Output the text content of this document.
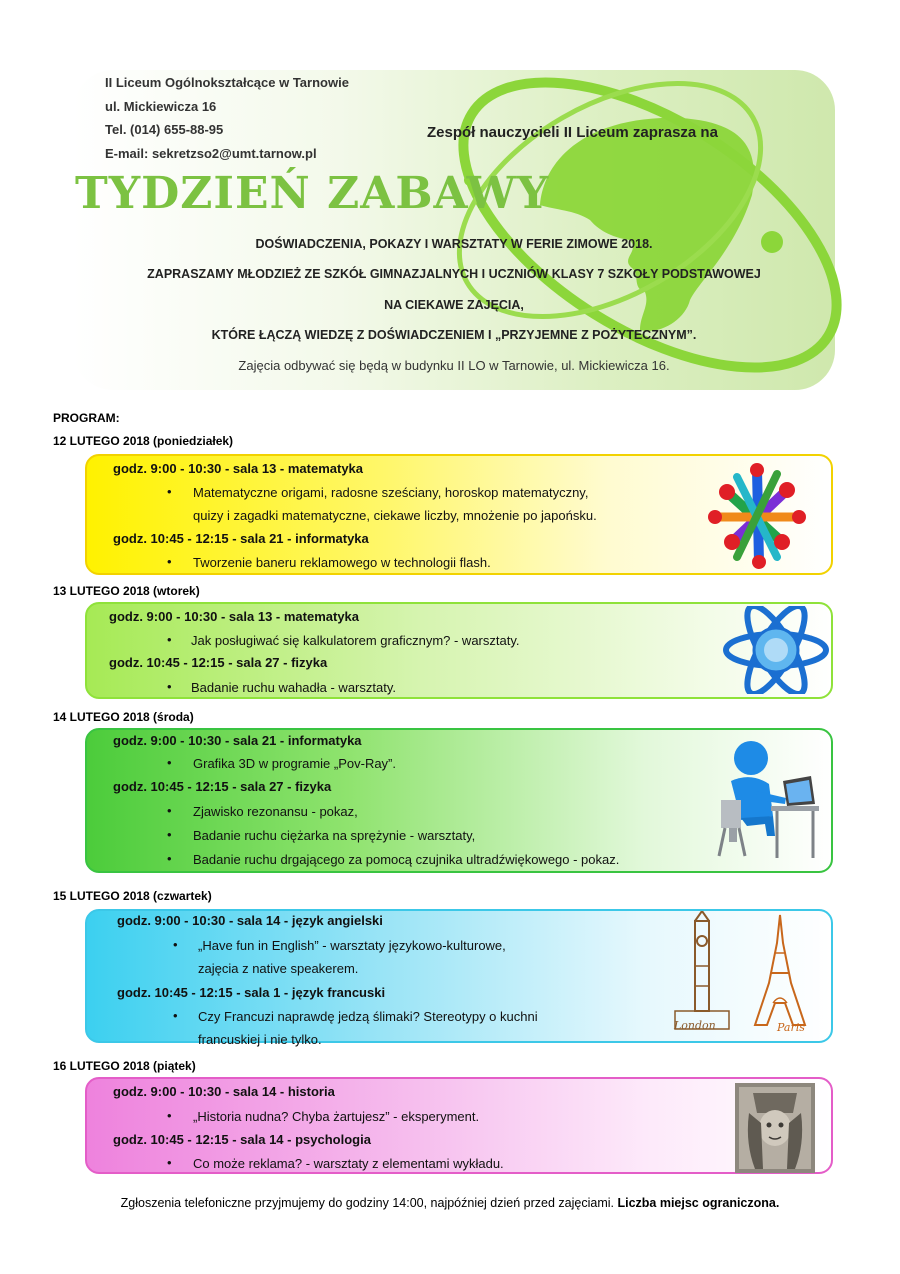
II Liceum Ogólnokształcące w Tarnowie
ul. Mickiewicza 16
Tel. (014) 655-88-95
E-mail: sekretzso2@umt.tarnow.pl
Zespół nauczycieli II Liceum zaprasza na
TYDZIEŃ ZABAWY
DOŚWIADCZENIA, POKAZY I WARSZTATY W FERIE ZIMOWE 2018.
ZAPRASZAMY MŁODZIEŻ ZE SZKÓŁ GIMNAZJALNYCH I UCZNIÓW KLASY 7 SZKOŁY PODSTAWOWEJ
NA CIEKAWE ZAJĘCIA,
KTÓRE ŁĄCZĄ WIEDZĘ Z DOŚWIADCZENIEM I „PRZYJEMNE Z POŻYTECZNYM”.
Zajęcia odbywać się będą w budynku II LO w Tarnowie, ul. Mickiewicza 16.
PROGRAM:
12 LUTEGO 2018 (poniedziałek)
godz. 9:00 - 10:30 - sala 13 - matematyka
• Matematyczne origami, radosne sześciany, horoskop matematyczny,
quizy i zagadki matematyczne, ciekawe liczby, mnożenie po japońsku.
godz. 10:45 - 12:15 - sala 21 - informatyka
• Tworzenie baneru reklamowego w technologii flash.
13 LUTEGO 2018 (wtorek)
godz. 9:00 - 10:30 - sala 13 - matematyka
• Jak posługiwać się kalkulatorem graficznym? - warsztaty.
godz. 10:45 - 12:15 - sala 27 - fizyka
• Badanie ruchu wahadła - warsztaty.
14 LUTEGO 2018 (środa)
godz. 9:00 - 10:30 - sala 21 - informatyka
• Grafika 3D w programie „Pov-Ray”.
godz. 10:45 - 12:15 - sala 27 - fizyka
• Zjawisko rezonansu - pokaz,
• Badanie ruchu ciężarka na sprężynie - warsztaty,
• Badanie ruchu drgającego za pomocą czujnika ultradźwiękowego - pokaz.
15 LUTEGO 2018 (czwartek)
godz. 9:00 - 10:30 - sala 14 - język angielski
• „Have fun in English” - warsztaty językowo-kulturowe,
zajęcia z native speakerem.
godz. 10:45 - 12:15 - sala 1 - język francuski
• Czy Francuzi naprawdę jedzą ślimaki? Stereotypy o kuchni
francuskiej i nie tylko.
London	Paris
16 LUTEGO 2018 (piątek)
godz. 9:00 - 10:30 - sala 14 - historia
• „Historia nudna? Chyba żartujesz” - eksperyment.
godz. 10:45 - 12:15 - sala 14 - psychologia
• Co może reklama? - warsztaty z elementami wykładu.
Zgłoszenia telefoniczne przyjmujemy do godziny 14:00, najpóźniej dzień przed zajęciami. Liczba miejsc ograniczona.
